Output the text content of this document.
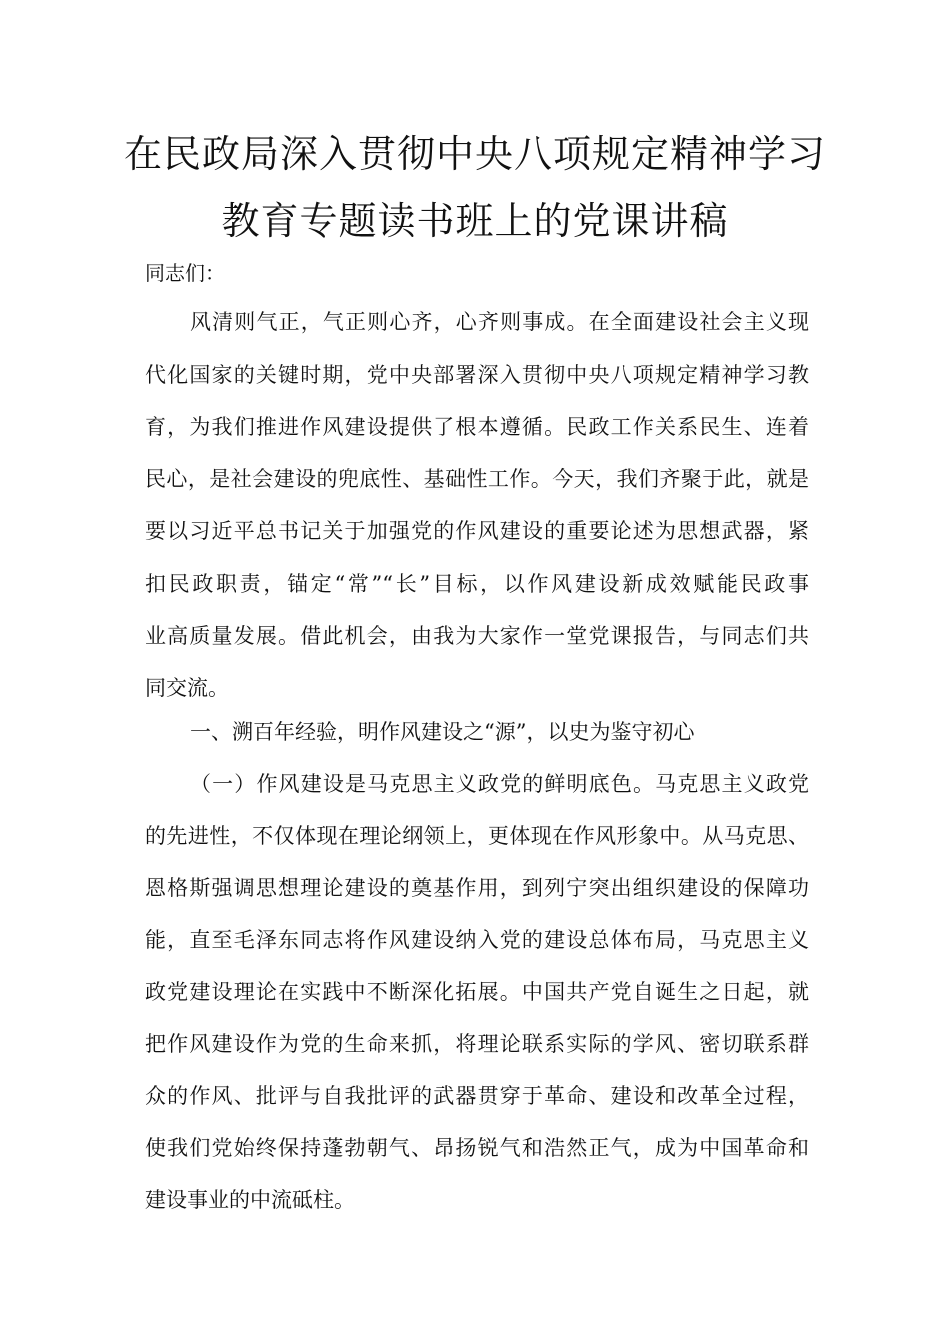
在民政局深入贯彻中央八项规定精神学习
教育专题读书班上的党课讲稿

同志们：

风清则气正，气正则心齐，心齐则事成。在全面建设社会主义现

代化国家的关键时期，党中央部署深入贯彻中央八项规定精神学习教

育，为我们推进作风建设提供了根本遵循。民政工作关系民生、连着

民心，是社会建设的兜底性、基础性工作。今天，我们齐聚于此，就是

要以习近平总书记关于加强党的作风建设的重要论述为思想武器，紧

扣民政职责，锚定“常”“长”目标，以作风建设新成效赋能民政事

业高质量发展。借此机会，由我为大家作一堂党课报告，与同志们共

同交流。

一、溯百年经验，明作风建设之“源”，以史为鉴守初心

（一）作风建设是马克思主义政党的鲜明底色。马克思主义政党

的先进性，不仅体现在理论纲领上，更体现在作风形象中。从马克思、

恩格斯强调思想理论建设的奠基作用，到列宁突出组织建设的保障功

能，直至毛泽东同志将作风建设纳入党的建设总体布局，马克思主义

政党建设理论在实践中不断深化拓展。中国共产党自诞生之日起，就

把作风建设作为党的生命来抓，将理论联系实际的学风、密切联系群

众的作风、批评与自我批评的武器贯穿于革命、建设和改革全过程，

使我们党始终保持蓬勃朝气、昂扬锐气和浩然正气，成为中国革命和

建设事业的中流砥柱。
